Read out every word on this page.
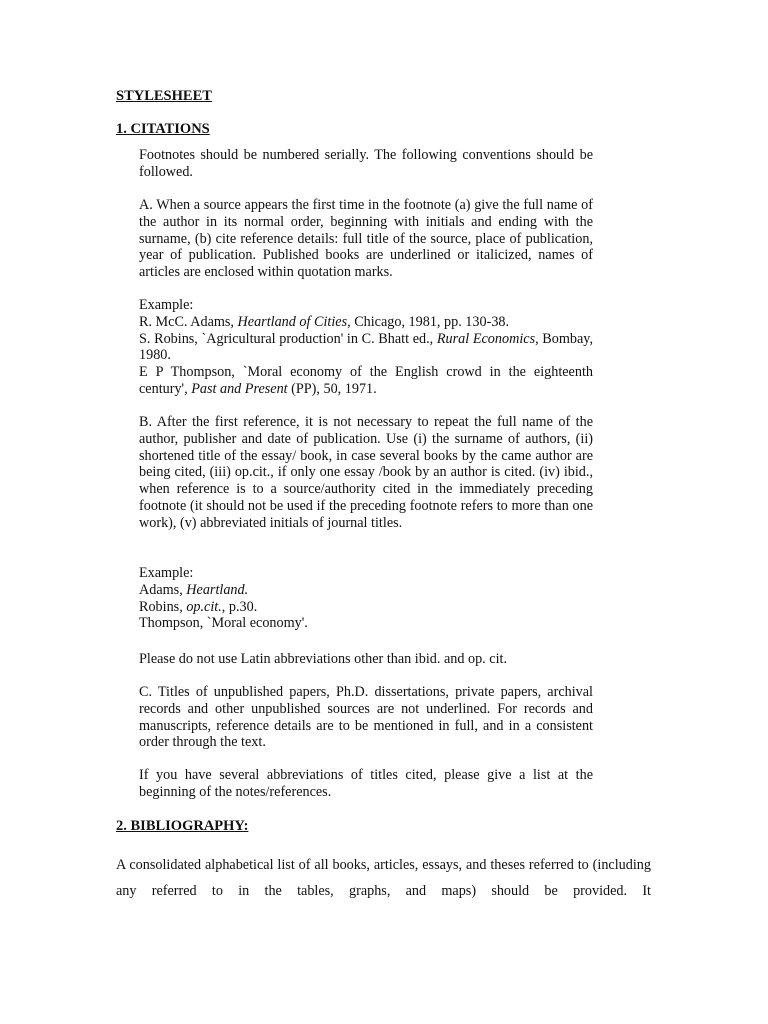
STYLESHEET
1. CITATIONS

Footnotes should be numbered serially. The following conventions should be followed.

A. When a source appears the first time in the footnote (a) give the full name of the author in its normal order, beginning with initials and ending with the surname, (b) cite reference details: full title of the source, place of publication, year of publication. Published books are underlined or italicized, names of articles are enclosed within quotation marks.

Example:
R. McC. Adams, Heartland of Cities, Chicago, 1981, pp. 130-38.
S. Robins, `Agricultural production' in C. Bhatt ed., Rural Economics, Bombay, 1980.
E P Thompson, `Moral economy of the English crowd in the eighteenth century', Past and Present (PP), 50, 1971.

B. After the first reference, it is not necessary to repeat the full name of the author, publisher and date of publication. Use (i) the surname of authors, (ii) shortened title of the essay/ book, in case several books by the came author are being cited, (iii) op.cit., if only one essay /book by an author is cited. (iv) ibid., when reference is to a source/authority cited in the immediately preceding footnote (it should not be used if the preceding footnote refers to more than one work), (v) abbreviated initials of journal titles.

Example:
Adams, Heartland.
Robins, op.cit., p.30.
Thompson, `Moral economy'.

Please do not use Latin abbreviations other than ibid. and op. cit.

C. Titles of unpublished papers, Ph.D. dissertations, private papers, archival records and other unpublished sources are not underlined. For records and manuscripts, reference details are to be mentioned in full, and in a consistent order through the text.

If you have several abbreviations of titles cited, please give a list at the beginning of the notes/references.

2. BIBLIOGRAPHY:

A consolidated alphabetical list of all books, articles, essays, and theses referred to (including any referred to in the tables, graphs, and maps) should be provided. It
